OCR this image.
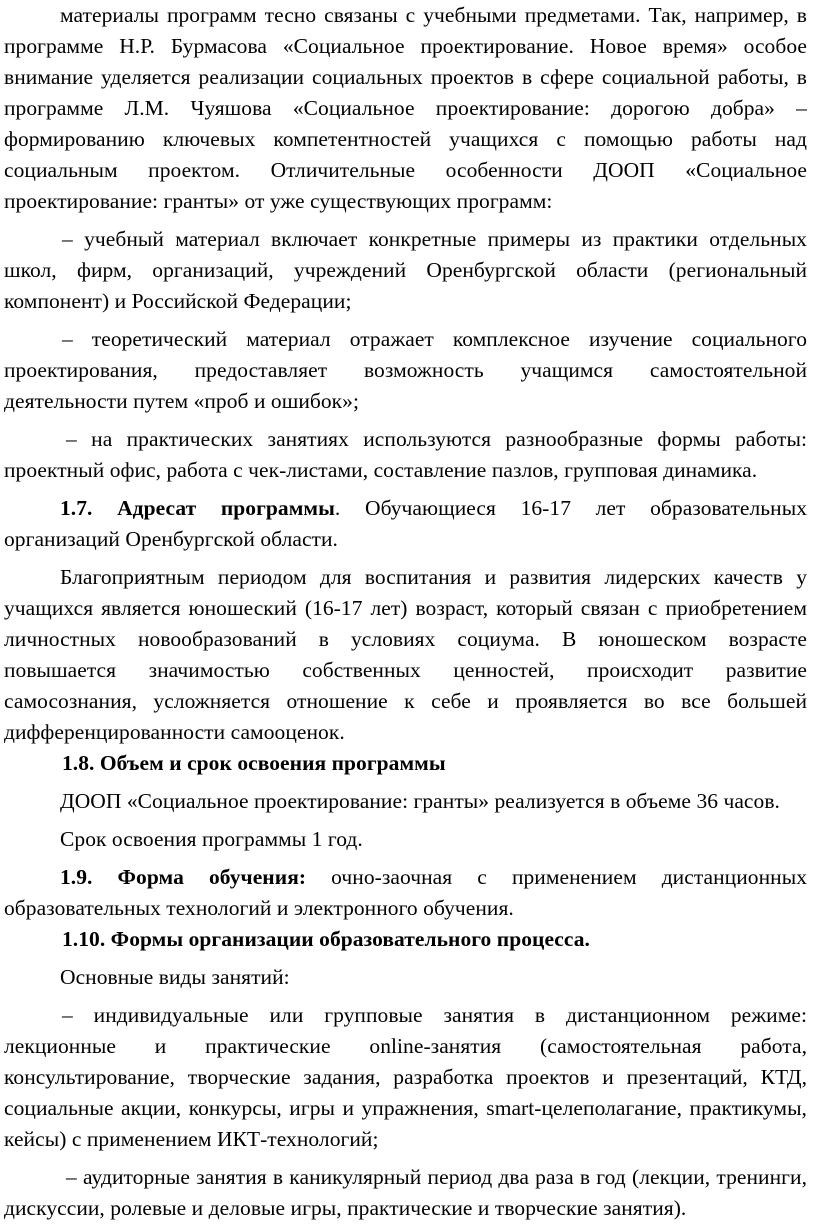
материалы программ тесно связаны с учебными предметами. Так, например, в программе Н.Р. Бурмасова «Социальное проектирование. Новое время» особое внимание уделяется реализации социальных проектов в сфере социальной работы, в программе Л.М. Чуяшова «Социальное проектирование: дорогою добра» – формированию ключевых компетентностей учащихся с помощью работы над социальным проектом. Отличительные особенности ДООП «Социальное проектирование: гранты» от уже существующих программ:

– учебный материал включает конкретные примеры из практики отдельных школ, фирм, организаций, учреждений Оренбургской области (региональный компонент) и Российской Федерации;

– теоретический материал отражает комплексное изучение социального проектирования, предоставляет возможность учащимся самостоятельной деятельности путем «проб и ошибок»;

– на практических занятиях используются разнообразные формы работы: проектный офис, работа с чек-листами, составление пазлов, групповая динамика.

1.7. Адресат программы. Обучающиеся 16-17 лет образовательных организаций Оренбургской области.

Благоприятным периодом для воспитания и развития лидерских качеств у учащихся является юношеский (16-17 лет) возраст, который связан с приобретением личностных новообразований в условиях социума. В юношеском возрасте повышается значимостью собственных ценностей, происходит развитие самосознания, усложняется отношение к себе и проявляется во все большей дифференцированности самооценок.

1.8. Объем и срок освоения программы

ДООП «Социальное проектирование: гранты» реализуется в объеме 36 часов.

Срок освоения программы 1 год.

1.9. Форма обучения: очно-заочная с применением дистанционных образовательных технологий и электронного обучения.

1.10. Формы организации образовательного процесса.

Основные виды занятий:

– индивидуальные или групповые занятия в дистанционном режиме: лекционные и практические online-занятия (самостоятельная работа, консультирование, творческие задания, разработка проектов и презентаций, КТД, социальные акции, конкурсы, игры и упражнения, smart-целеполагание, практикумы, кейсы) с применением ИКТ-технологий;

– аудиторные занятия в каникулярный период два раза в год (лекции, тренинги, дискуссии, ролевые и деловые игры, практические и творческие занятия).
